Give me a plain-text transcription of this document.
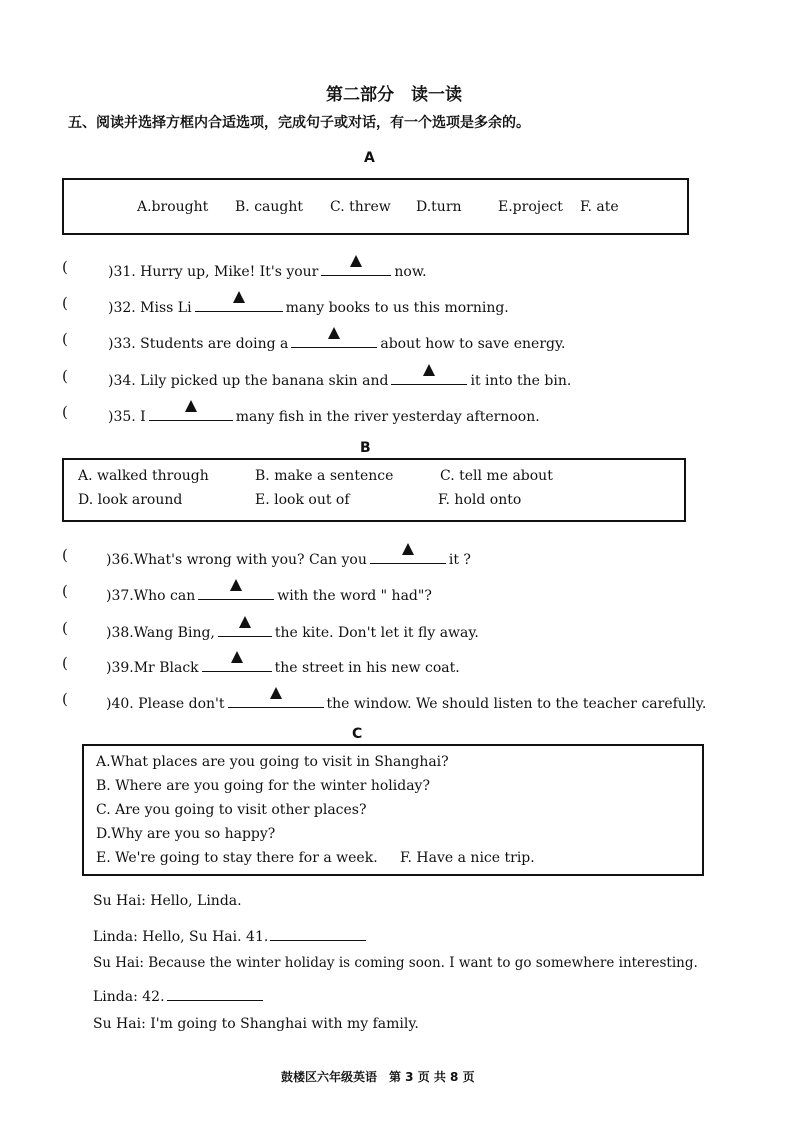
第二部分　读一读
五、阅读并选择方框内合适选项，完成句子或对话，有一个选项是多余的。
A
A.brought B. caught C. threw D.turn	E.project F. ate
(	)31. Hurry up, Mike! It's your	now.
(	)32. Miss Li	many books to us this morning.
(	)33. Students are doing a	about how to save energy.
(	)34. Lily picked up the banana skin and	it into the bin.
(	)35. I	many fish in the river yesterday afternoon.
B
A. walked through	B. make a sentence	C. tell me about
D. look around	E. look out of	F. hold onto
(	)36.What's wrong with you? Can you	it ?
(	)37.Who can	with the word " had"?
(	)38.Wang Bing,	the kite. Don't let it fly away.
(	)39.Mr Black	the street in his new coat.
(	)40. Please don't	the window. We should listen to the teacher carefully.
C
A.What places are you going to visit in Shanghai?
B. Where are you going for the winter holiday?
C. Are you going to visit other places?
D.Why are you so happy?
E. We're going to stay there for a week. F. Have a nice trip.
Su Hai: Hello, Linda.
Linda: Hello, Su Hai. 41.
Su Hai: Because the winter holiday is coming soon. I want to go somewhere interesting.
Linda: 42.
Su Hai: I'm going to Shanghai with my family.
鼓楼区六年级英语　第 3 页 共 8 页
